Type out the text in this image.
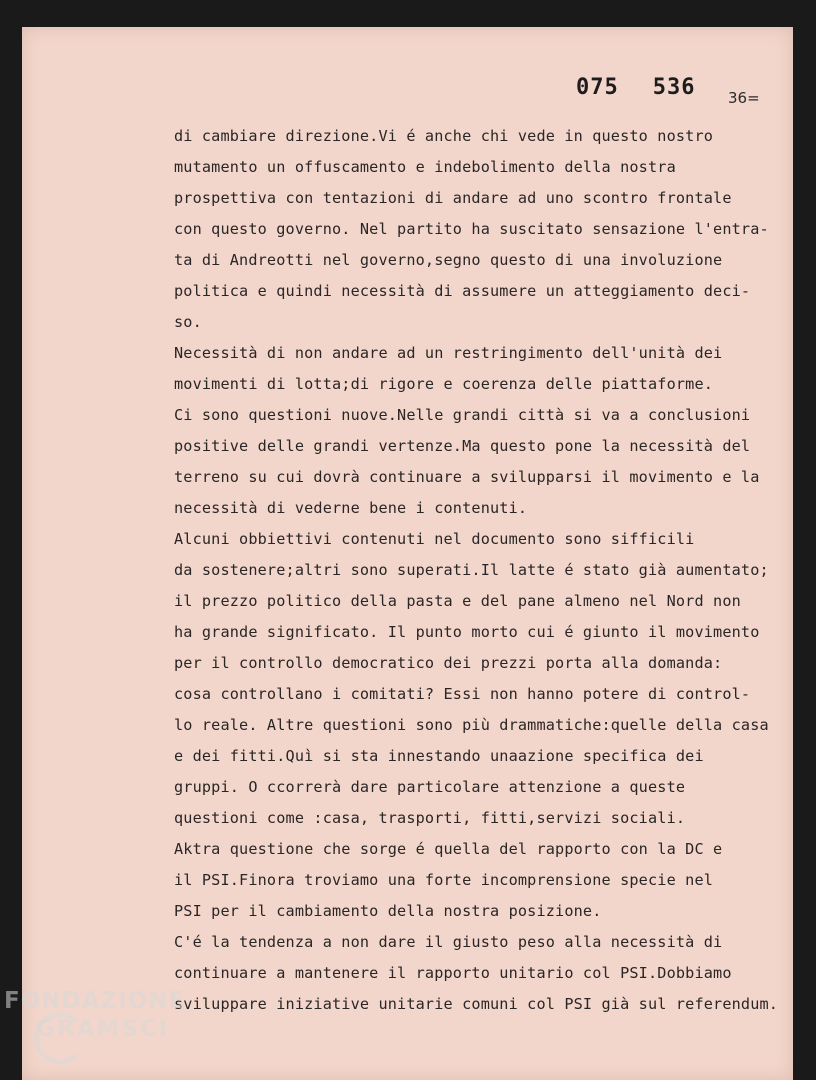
075 536	36=
di cambiare direzione.Vi é anche chi vede in questo nostro
mutamento un offuscamento e indebolimento della nostra
prospettiva con tentazioni di andare ad uno scontro frontale
con questo governo. Nel partito ha suscitato sensazione l'entra-
ta di Andreotti nel governo,segno questo di una involuzione
politica e quindi necessità di assumere un atteggiamento deci-
so.
Necessità di non andare ad un restringimento dell'unità dei
movimenti di lotta;di rigore e coerenza delle piattaforme.
Ci sono questioni nuove.Nelle grandi città si va a conclusioni
positive delle grandi vertenze.Ma questo pone la necessità del
terreno su cui dovrà continuare a svilupparsi il movimento e la
necessità di vederne bene i contenuti.
Alcuni obbiettivi contenuti nel documento sono sifficili
da sostenere;altri sono superati.Il latte é stato già aumentato;
il prezzo politico della pasta e del pane almeno nel Nord non
ha grande significato. Il punto morto cui é giunto il movimento
per il controllo democratico dei prezzi porta alla domanda:
cosa controllano i comitati? Essi non hanno potere di control-
lo reale. Altre questioni sono più drammatiche:quelle della casa
e dei fitti.Quì si sta innestando unaazione specifica dei
gruppi. O ccorrerà dare particolare attenzione a queste
questioni come :casa, trasporti, fitti,servizi sociali.
Aktra questione che sorge é quella del rapporto con la DC e
il PSI.Finora troviamo una forte incomprensione specie nel
PSI per il cambiamento della nostra posizione.
C'é la tendenza a non dare il giusto peso alla necessità di
continuare a mantenere il rapporto unitario col PSI.Dobbiamo
sviluppare iniziative unitarie comuni col PSI già sul referendum.
FONDAZIONE
GRAMSCI
